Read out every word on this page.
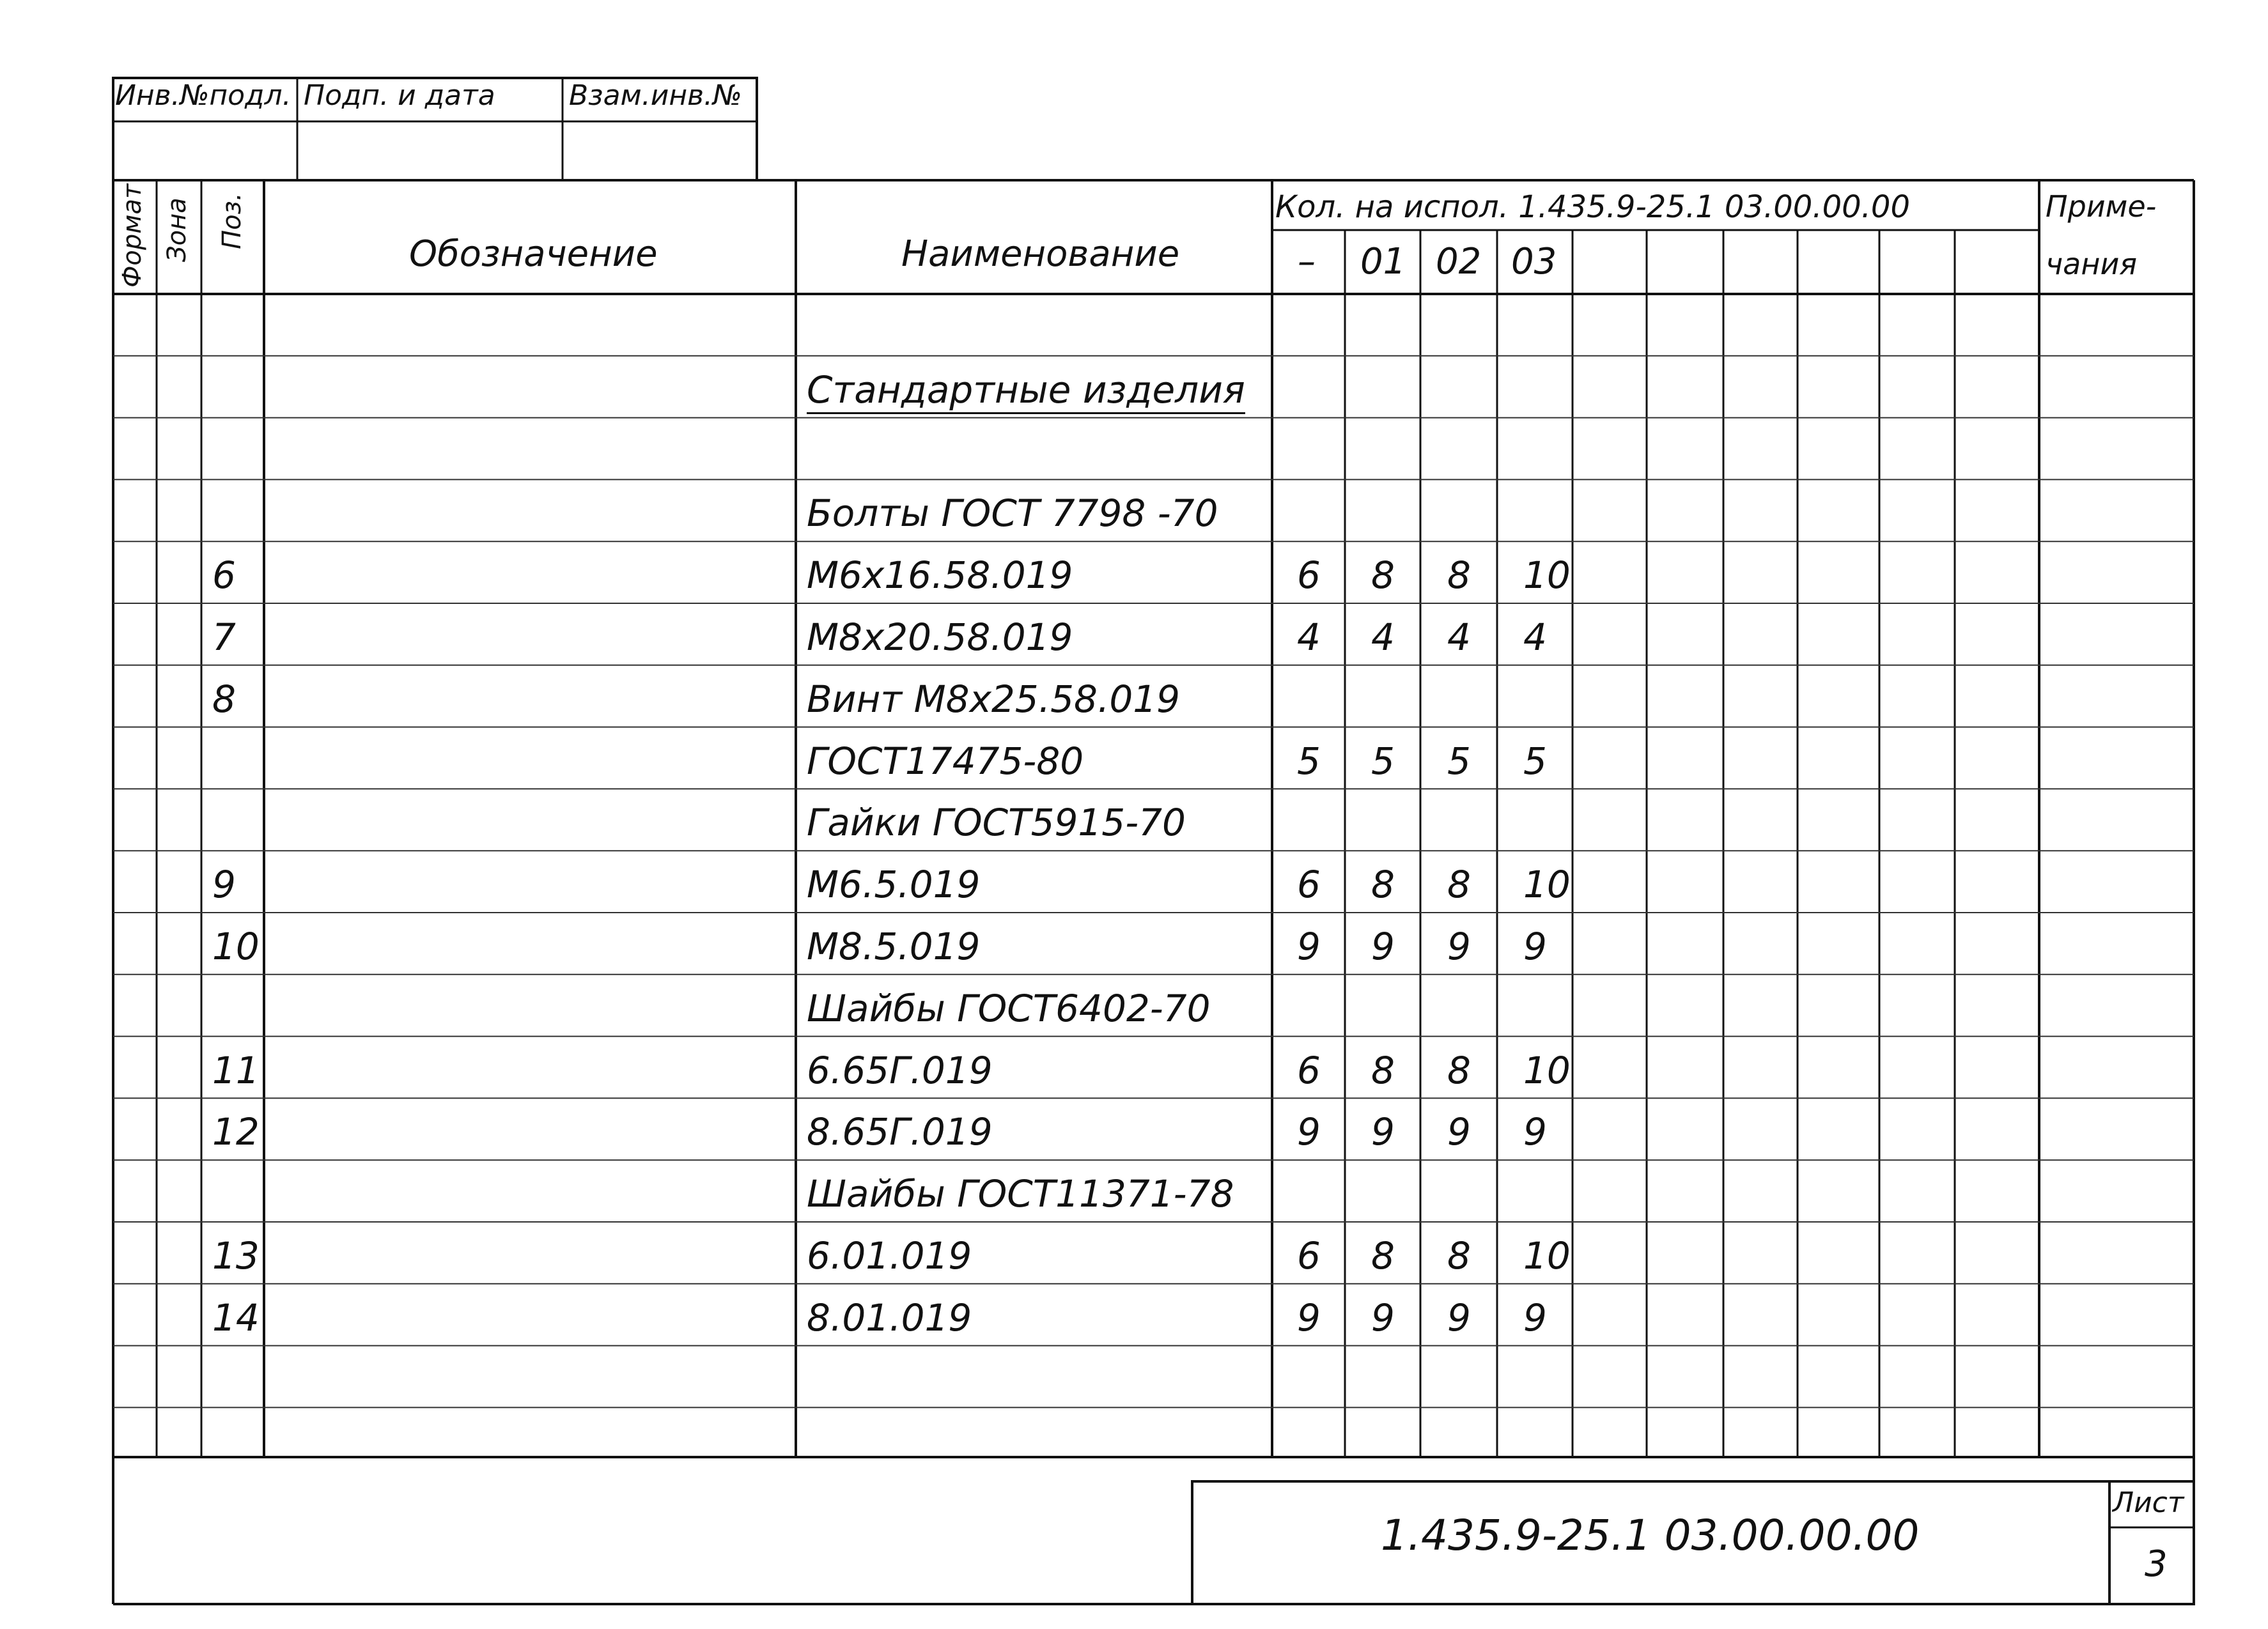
Инв.№подл. Подп. и дата	Взам.инв.№
Формат Зона Поз.
Обозначение	Наименование
Кол. на испол. 1.435.9-25.1 03.00.00.00	Приме-
чания
– 01 02 03
Стандартные изделия
Болты ГОСТ 7798 -70
6	М6х16.58.019	6 8 8 10
7	М8х20.58.019	4 4 4 4
8	Винт М8х25.58.019
ГОСТ17475-80	5 5 5 5
Гайки ГОСТ5915-70
9	М6.5.019	6 8 8 10
10	М8.5.019	9 9 9 9
Шайбы ГОСТ6402-70
11	6.65Г.019	6 8 8 10
12	8.65Г.019	9 9 9 9
Шайбы ГОСТ11371-78
13	6.01.019	6 8 8 10
14	8.01.019	9 9 9 9
1.435.9-25.1 03.00.00.00
Лист
3
